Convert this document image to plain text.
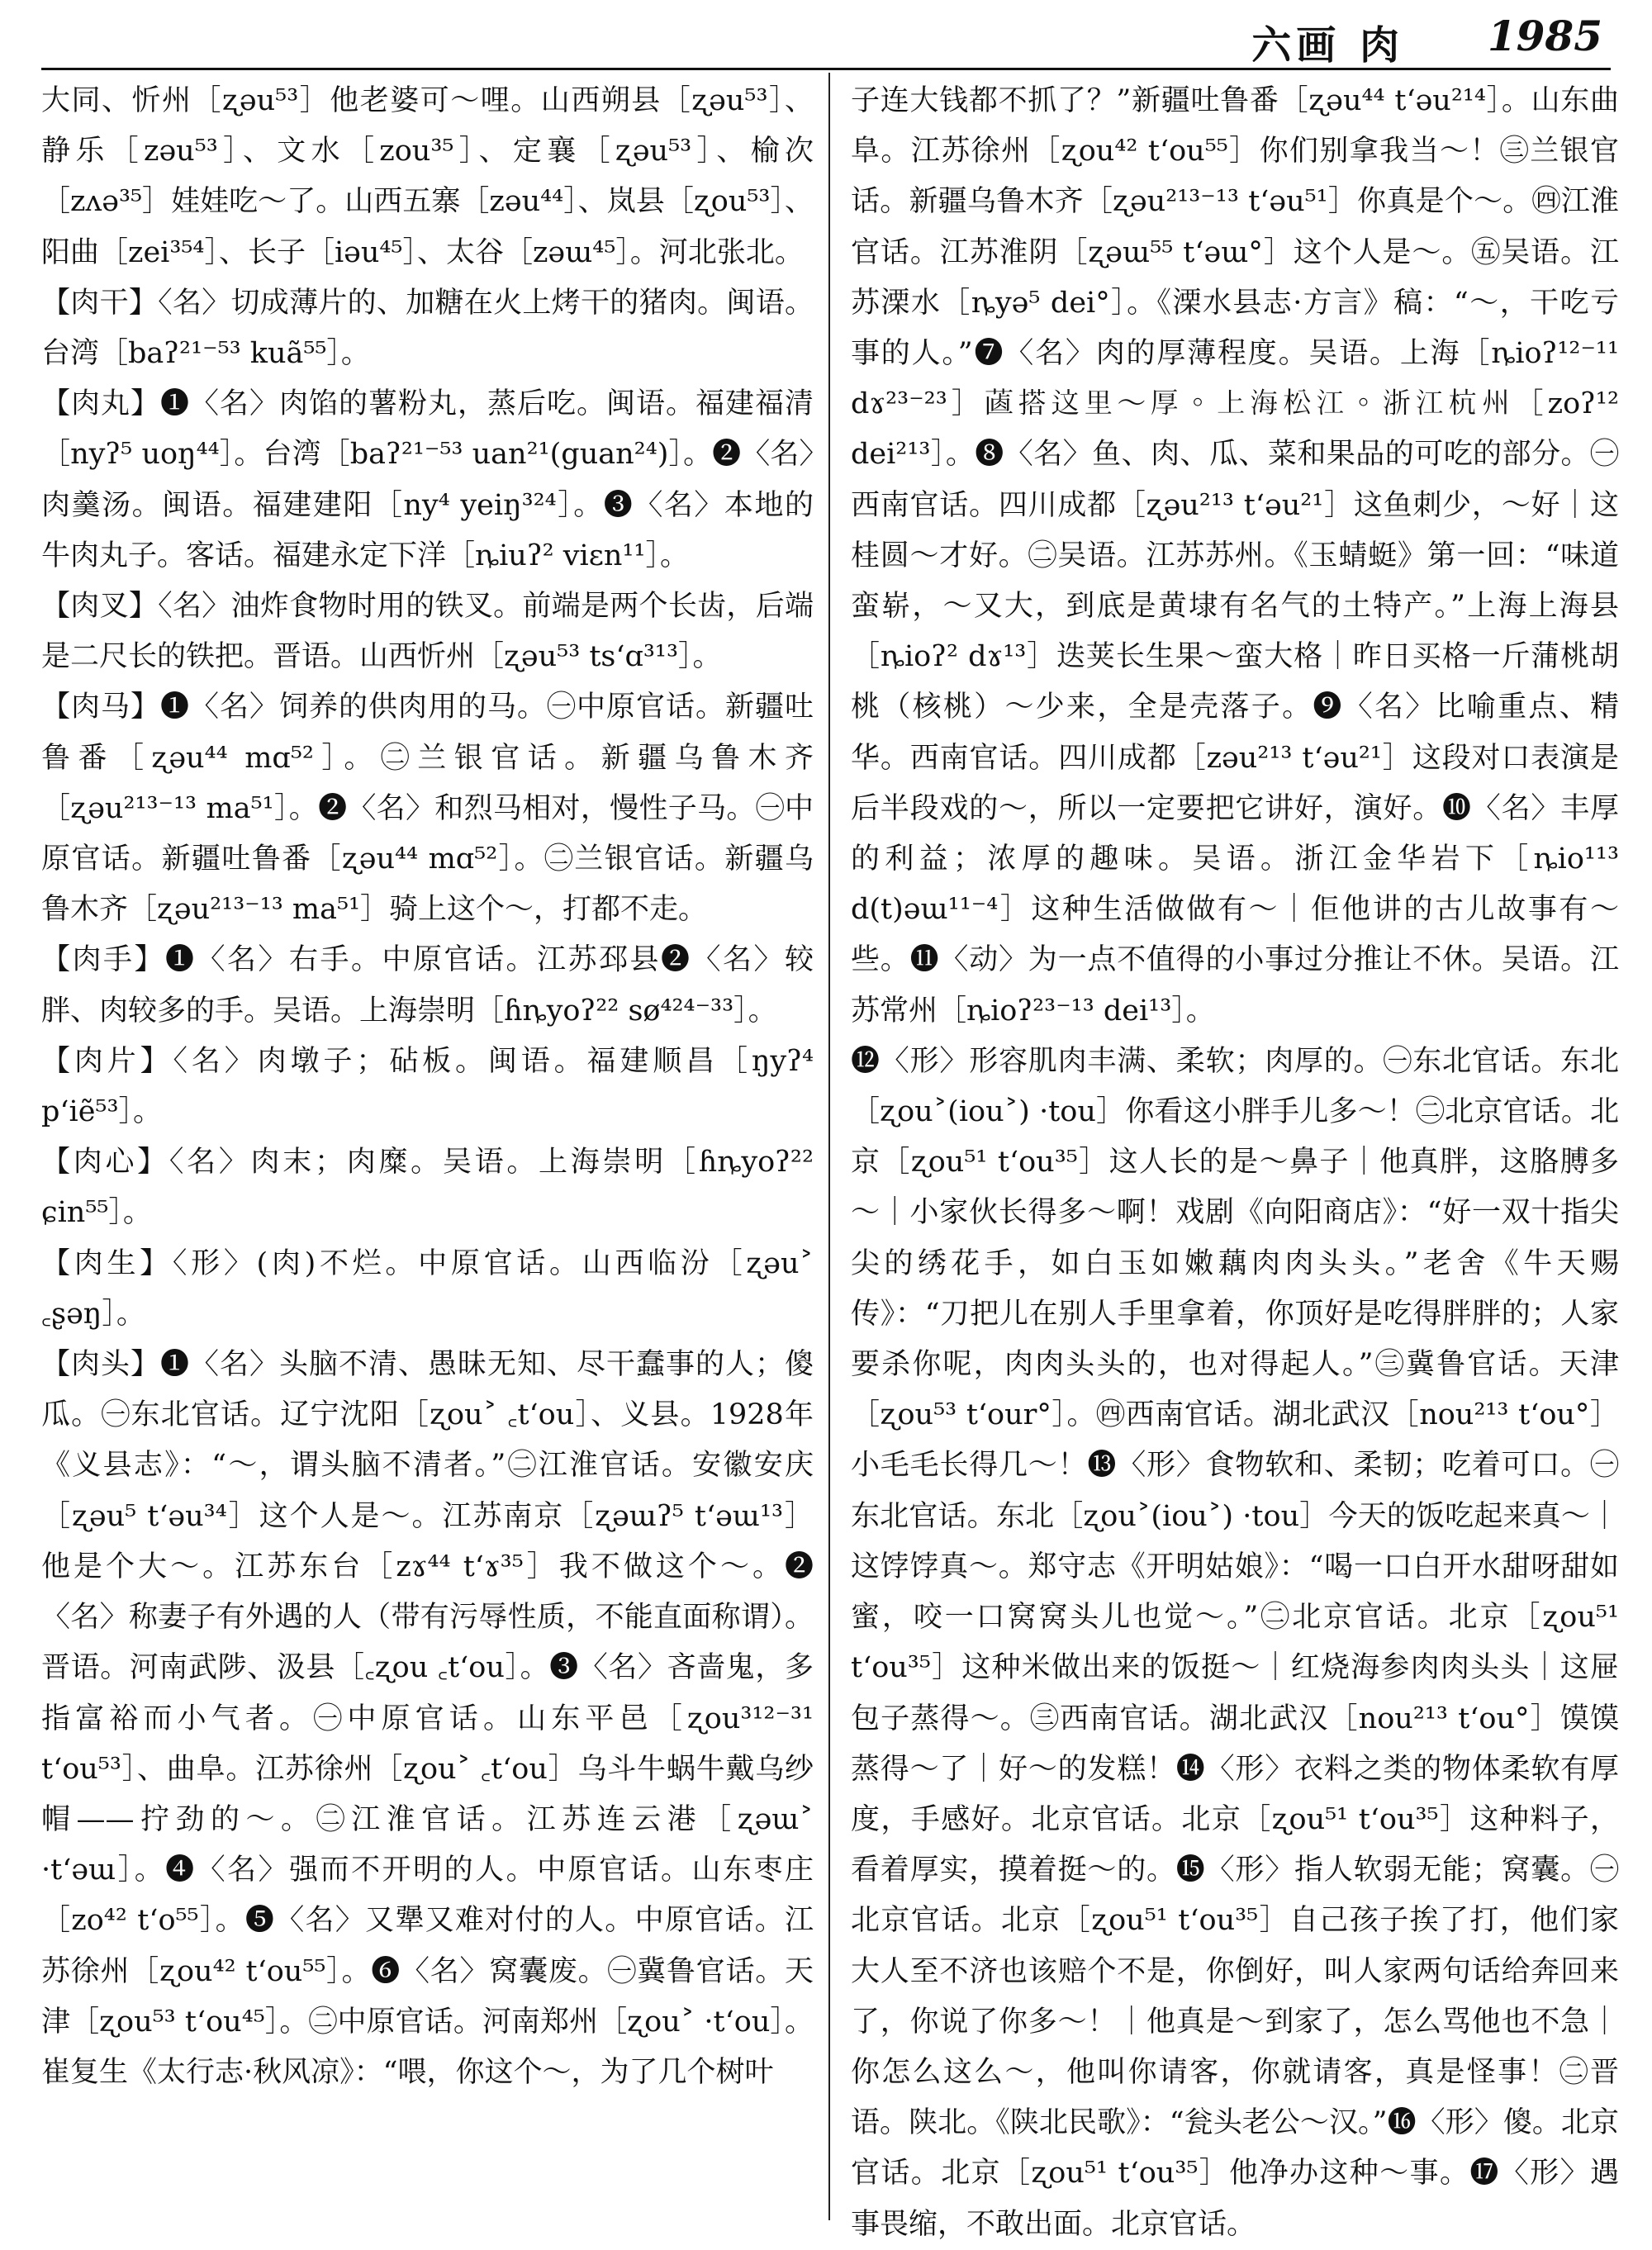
六画 肉 1985

大同、忻州［ʐəu⁵³］他老婆可～哩。山西朔县［ʐəu⁵³］、静乐［zəu⁵³］、文水［zou³⁵］、定襄［ʐəu⁵³］、榆次［zʌə³⁵］娃娃吃～了。山西五寨［zəu⁴⁴］、岚县［ʐou⁵³］、阳曲［zei³⁵⁴］、长子［iəu⁴⁵］、太谷［zəɯ⁴⁵］。河北张北。

【肉干】〈名〉切成薄片的、加糖在火上烤干的猪肉。闽语。台湾［baʔ²¹⁻⁵³ kuã⁵⁵］。

【肉丸】❶〈名〉肉馅的薯粉丸，蒸后吃。闽语。福建福清［nyʔ⁵ uoŋ⁴⁴］。台湾［baʔ²¹⁻⁵³ uan²¹(guan²⁴)］。❷〈名〉肉羹汤。闽语。福建建阳［ny⁴ yeiŋ³²⁴］。❸〈名〉本地的牛肉丸子。客话。福建永定下洋［ȵiuʔ² viɛn¹¹］。

【肉叉】〈名〉油炸食物时用的铁叉。前端是两个长齿，后端是二尺长的铁把。晋语。山西忻州［ʐəu⁵³ tsʻɑ³¹³］。

【肉马】❶〈名〉饲养的供肉用的马。㊀中原官话。新疆吐鲁番［ʐəu⁴⁴ mɑ⁵²］。㊁兰银官话。新疆乌鲁木齐［ʐəu²¹³⁻¹³ ma⁵¹］。❷〈名〉和烈马相对，慢性子马。㊀中原官话。新疆吐鲁番［ʐəu⁴⁴ mɑ⁵²］。㊁兰银官话。新疆乌鲁木齐［ʐəu²¹³⁻¹³ ma⁵¹］骑上这个～，打都不走。

【肉手】❶〈名〉右手。中原官话。江苏邳县❷〈名〉较胖、肉较多的手。吴语。上海崇明［ɦȵyoʔ²² sø⁴²⁴⁻³³］。

【肉片】〈名〉肉墩子；砧板。闽语。福建顺昌［ŋyʔ⁴ pʻiẽ⁵³］。

【肉心】〈名〉肉末；肉糜。吴语。上海崇明［ɦȵyoʔ²² ɕin⁵⁵］。

【肉生】〈形〉(肉)不烂。中原官话。山西临汾［ʐəu˃ ꜀ʂəŋ］。

【肉头】❶〈名〉头脑不清、愚昧无知、尽干蠢事的人；傻瓜。㊀东北官话。辽宁沈阳［ʐou˃ ꜀tʻou］、义县。1928年《义县志》：“～，谓头脑不清者。”㊁江淮官话。安徽安庆［ʐəu⁵ tʻəu³⁴］这个人是～。江苏南京［ʐəɯʔ⁵ tʻəɯ¹³］他是个大～。江苏东台［zɤ⁴⁴ tʻɤ³⁵］我不做这个～。❷〈名〉称妻子有外遇的人（带有污辱性质，不能直面称谓）。晋语。河南武陟、汲县［꜀ʐou ꜀tʻou］。❸〈名〉吝啬鬼，多指富裕而小气者。㊀中原官话。山东平邑［ʐou³¹²⁻³¹ tʻou⁵³］、曲阜。江苏徐州［ʐou˃ ꜀tʻou］乌斗牛蜗牛戴乌纱帽——拧劲的～。㊁江淮官话。江苏连云港［ʐəɯ˃ ·tʻəɯ］。❹〈名〉强而不开明的人。中原官话。山东枣庄［zo⁴² tʻo⁵⁵］。❺〈名〉又犟又难对付的人。中原官话。江苏徐州［ʐou⁴² tʻou⁵⁵］。❻〈名〉窝囊废。㊀冀鲁官话。天津［ʐou⁵³ tʻou⁴⁵］。㊁中原官话。河南郑州［ʐou˃ ·tʻou］。崔复生《太行志·秋风凉》：“喂，你这个～，为了几个树叶

子连大钱都不抓了？”新疆吐鲁番［ʐəu⁴⁴ tʻəu²¹⁴］。山东曲阜。江苏徐州［ʐou⁴² tʻou⁵⁵］你们别拿我当～！㊂兰银官话。新疆乌鲁木齐［ʐəu²¹³⁻¹³ tʻəu⁵¹］你真是个～。㊃江淮官话。江苏淮阴［ʐəɯ⁵⁵ tʻəɯ°］这个人是～。㊄吴语。江苏溧水［ȵyə⁵ dei°］。《溧水县志·方言》稿：“～，干吃亏事的人。”❼〈名〉肉的厚薄程度。吴语。上海［ȵioʔ¹²⁻¹¹ dɤ²³⁻²³］𦵵搭这里～厚。上海松江。浙江杭州［zoʔ¹² dei²¹³］。❽〈名〉鱼、肉、瓜、菜和果品的可吃的部分。㊀西南官话。四川成都［ʐəu²¹³ tʻəu²¹］这鱼刺少，～好｜这桂圆～才好。㊁吴语。江苏苏州。《玉蜻蜓》第一回：“味道蛮崭，～又大，到底是黄埭有名气的土特产。”上海上海县［ȵioʔ² dɤ¹³］迭荚长生果～蛮大格｜昨日买格一斤蒲桃胡桃（核桃）～少来，全是壳落子。❾〈名〉比喻重点、精华。西南官话。四川成都［zəu²¹³ tʻəu²¹］这段对口表演是后半段戏的～，所以一定要把它讲好，演好。❿〈名〉丰厚的利益；浓厚的趣味。吴语。浙江金华岩下［ȵio¹¹³ d(t)əɯ¹¹⁻⁴］这种生活做做有～｜佢他讲的古儿故事有～些。⓫〈动〉为一点不值得的小事过分推让不休。吴语。江苏常州［ȵioʔ²³⁻¹³ dei¹³］。

⓬〈形〉形容肌肉丰满、柔软；肉厚的。㊀东北官话。东北［ʐou˃(iou˃) ·tou］你看这小胖手儿多～！㊁北京官话。北京［ʐou⁵¹ tʻou³⁵］这人长的是～鼻子｜他真胖，这胳膊多～｜小家伙长得多～啊！戏剧《向阳商店》：“好一双十指尖尖的绣花手，如白玉如嫩藕肉肉头头。”老舍《牛天赐传》：“刀把儿在别人手里拿着，你顶好是吃得胖胖的；人家要杀你呢，肉肉头头的，也对得起人。”㊂冀鲁官话。天津［ʐou⁵³ tʻour°］。㊃西南官话。湖北武汉［nou²¹³ tʻou°］小毛毛长得几～！⓭〈形〉食物软和、柔韧；吃着可口。㊀东北官话。东北［ʐou˃(iou˃) ·tou］今天的饭吃起来真～｜这饽饽真～。郑守志《开明姑娘》：“喝一口白开水甜呀甜如蜜，咬一口窝窝头儿也觉～。”㊁北京官话。北京［ʐou⁵¹ tʻou³⁵］这种米做出来的饭挺～｜红烧海参肉肉头头｜这屉包子蒸得～。㊂西南官话。湖北武汉［nou²¹³ tʻou°］馍馍蒸得～了｜好～的发糕！⓮〈形〉衣料之类的物体柔软有厚度，手感好。北京官话。北京［ʐou⁵¹ tʻou³⁵］这种料子，看着厚实，摸着挺～的。⓯〈形〉指人软弱无能；窝囊。㊀北京官话。北京［ʐou⁵¹ tʻou³⁵］自己孩子挨了打，他们家大人至不济也该赔个不是，你倒好，叫人家两句话给奔回来了，你说了你多～！｜他真是～到家了，怎么骂他也不急｜你怎么这么～，他叫你请客，你就请客，真是怪事！㊁晋语。陕北。《陕北民歌》：“瓮头老公～汉。”⓰〈形〉傻。北京官话。北京［ʐou⁵¹ tʻou³⁵］他净办这种～事。⓱〈形〉遇事畏缩，不敢出面。北京官话。
